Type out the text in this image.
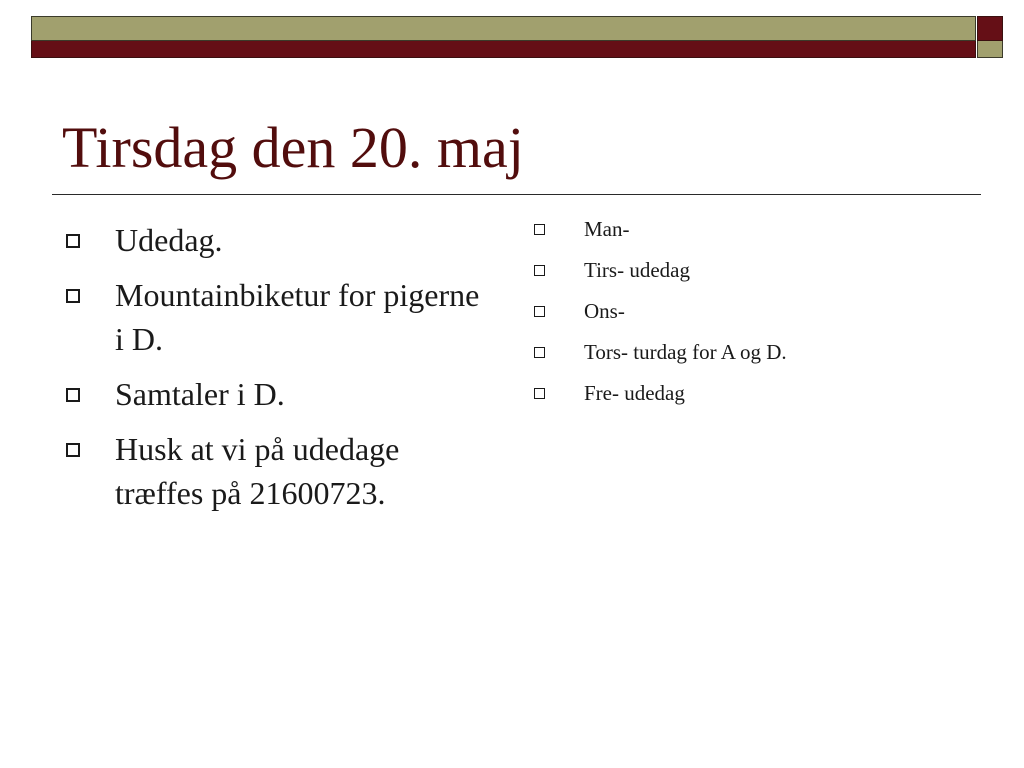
Tirsdag den 20. maj
Udedag.
Mountainbiketur for pigerne i D.
Samtaler i D.
Husk at vi på udedage træffes på 21600723.
Man-
Tirs- udedag
Ons-
Tors- turdag for A og D.
Fre- udedag
